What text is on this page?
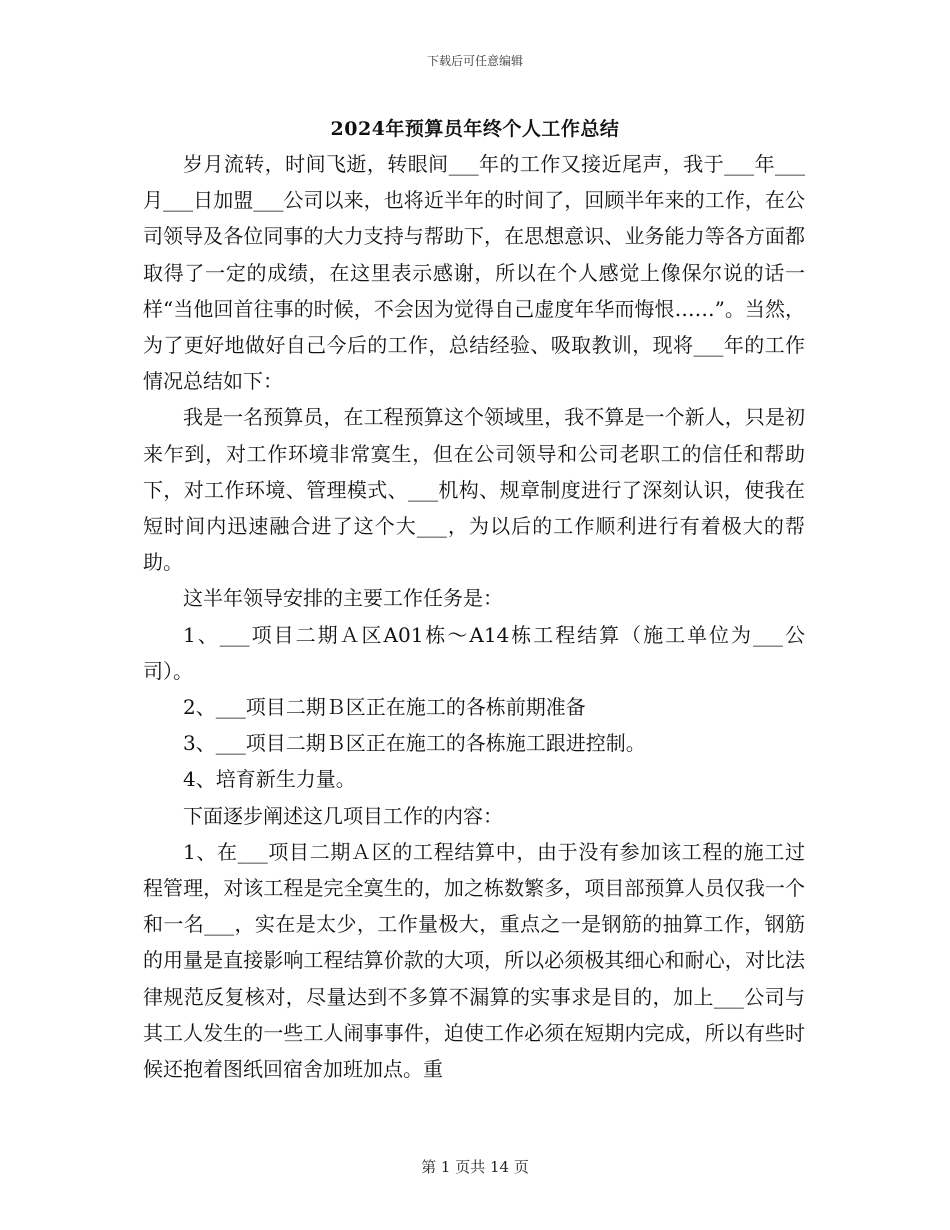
下载后可任意编辑
2024年预算员年终个人工作总结

岁月流转，时间飞逝，转眼间___年的工作又接近尾声，我于___年___月___日加盟___公司以来，也将近半年的时间了，回顾半年来的工作，在公司领导及各位同事的大力支持与帮助下，在思想意识、业务能力等各方面都取得了一定的成绩，在这里表示感谢，所以在个人感觉上像保尔说的话一样“当他回首往事的时候，不会因为觉得自己虚度年华而悔恨……”。当然，为了更好地做好自己今后的工作，总结经验、吸取教训，现将___年的工作情况总结如下：

我是一名预算员，在工程预算这个领域里，我不算是一个新人，只是初来乍到，对工作环境非常寞生，但在公司领导和公司老职工的信任和帮助下，对工作环境、管理模式、___机构、规章制度进行了深刻认识，使我在短时间内迅速融合进了这个大___，为以后的工作顺利进行有着极大的帮助。

这半年领导安排的主要工作任务是：

1、___项目二期Ａ区A01栋～A14栋工程结算（施工单位为___公司）。

2、___项目二期Ｂ区正在施工的各栋前期准备

3、___项目二期Ｂ区正在施工的各栋施工跟进控制。

4、培育新生力量。

下面逐步阐述这几项目工作的内容：

1、在___项目二期Ａ区的工程结算中，由于没有参加该工程的施工过程管理，对该工程是完全寞生的，加之栋数繁多，项目部预算人员仅我一个和一名___，实在是太少，工作量极大，重点之一是钢筋的抽算工作，钢筋的用量是直接影响工程结算价款的大项，所以必须极其细心和耐心，对比法律规范反复核对，尽量达到不多算不漏算的实事求是目的，加上___公司与其工人发生的一些工人闹事事件，迫使工作必须在短期内完成，所以有些时候还抱着图纸回宿舍加班加点。重

第 1 页共 14 页
